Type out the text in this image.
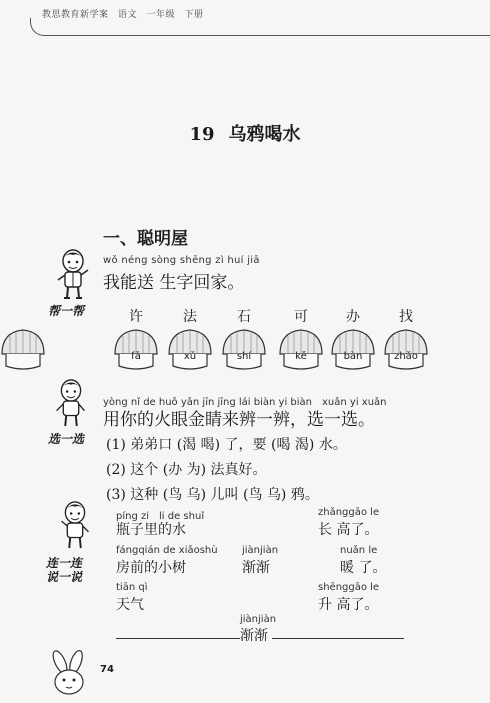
教思教育新学案　语文　一年级　下册
19 乌鸦喝水
一、聪明屋
帮一帮
wǒ néng sòng shēng zì huí jiā
我能送 生字回家。
许	法	石	可	办	找
fǎ	xǔ	shí	kě	bàn	zhǎo
选一选
yòng nǐ de huǒ yǎn jīn jīng lái biàn yi biàn　xuǎn yi xuǎn
用你的火眼金睛来辨一辨，选一选。
(1) 弟弟口 (渴 喝) 了，要 (喝 渴) 水。
(2) 这个 (办 为) 法真好。
(3) 这种 (鸟 乌) 儿叫 (鸟 乌) 鸦。
连一连 说一说
píng zi　li de shuǐ
瓶子里的水
fángqián de xiǎoshù
房前的小树
tiān qì
天气
jiànjiàn
渐渐
zhǎnggāo le
长 高了。
nuǎn le
暖 了。
shēnggāo le
升 高了。
jiànjiàn
渐渐
74
